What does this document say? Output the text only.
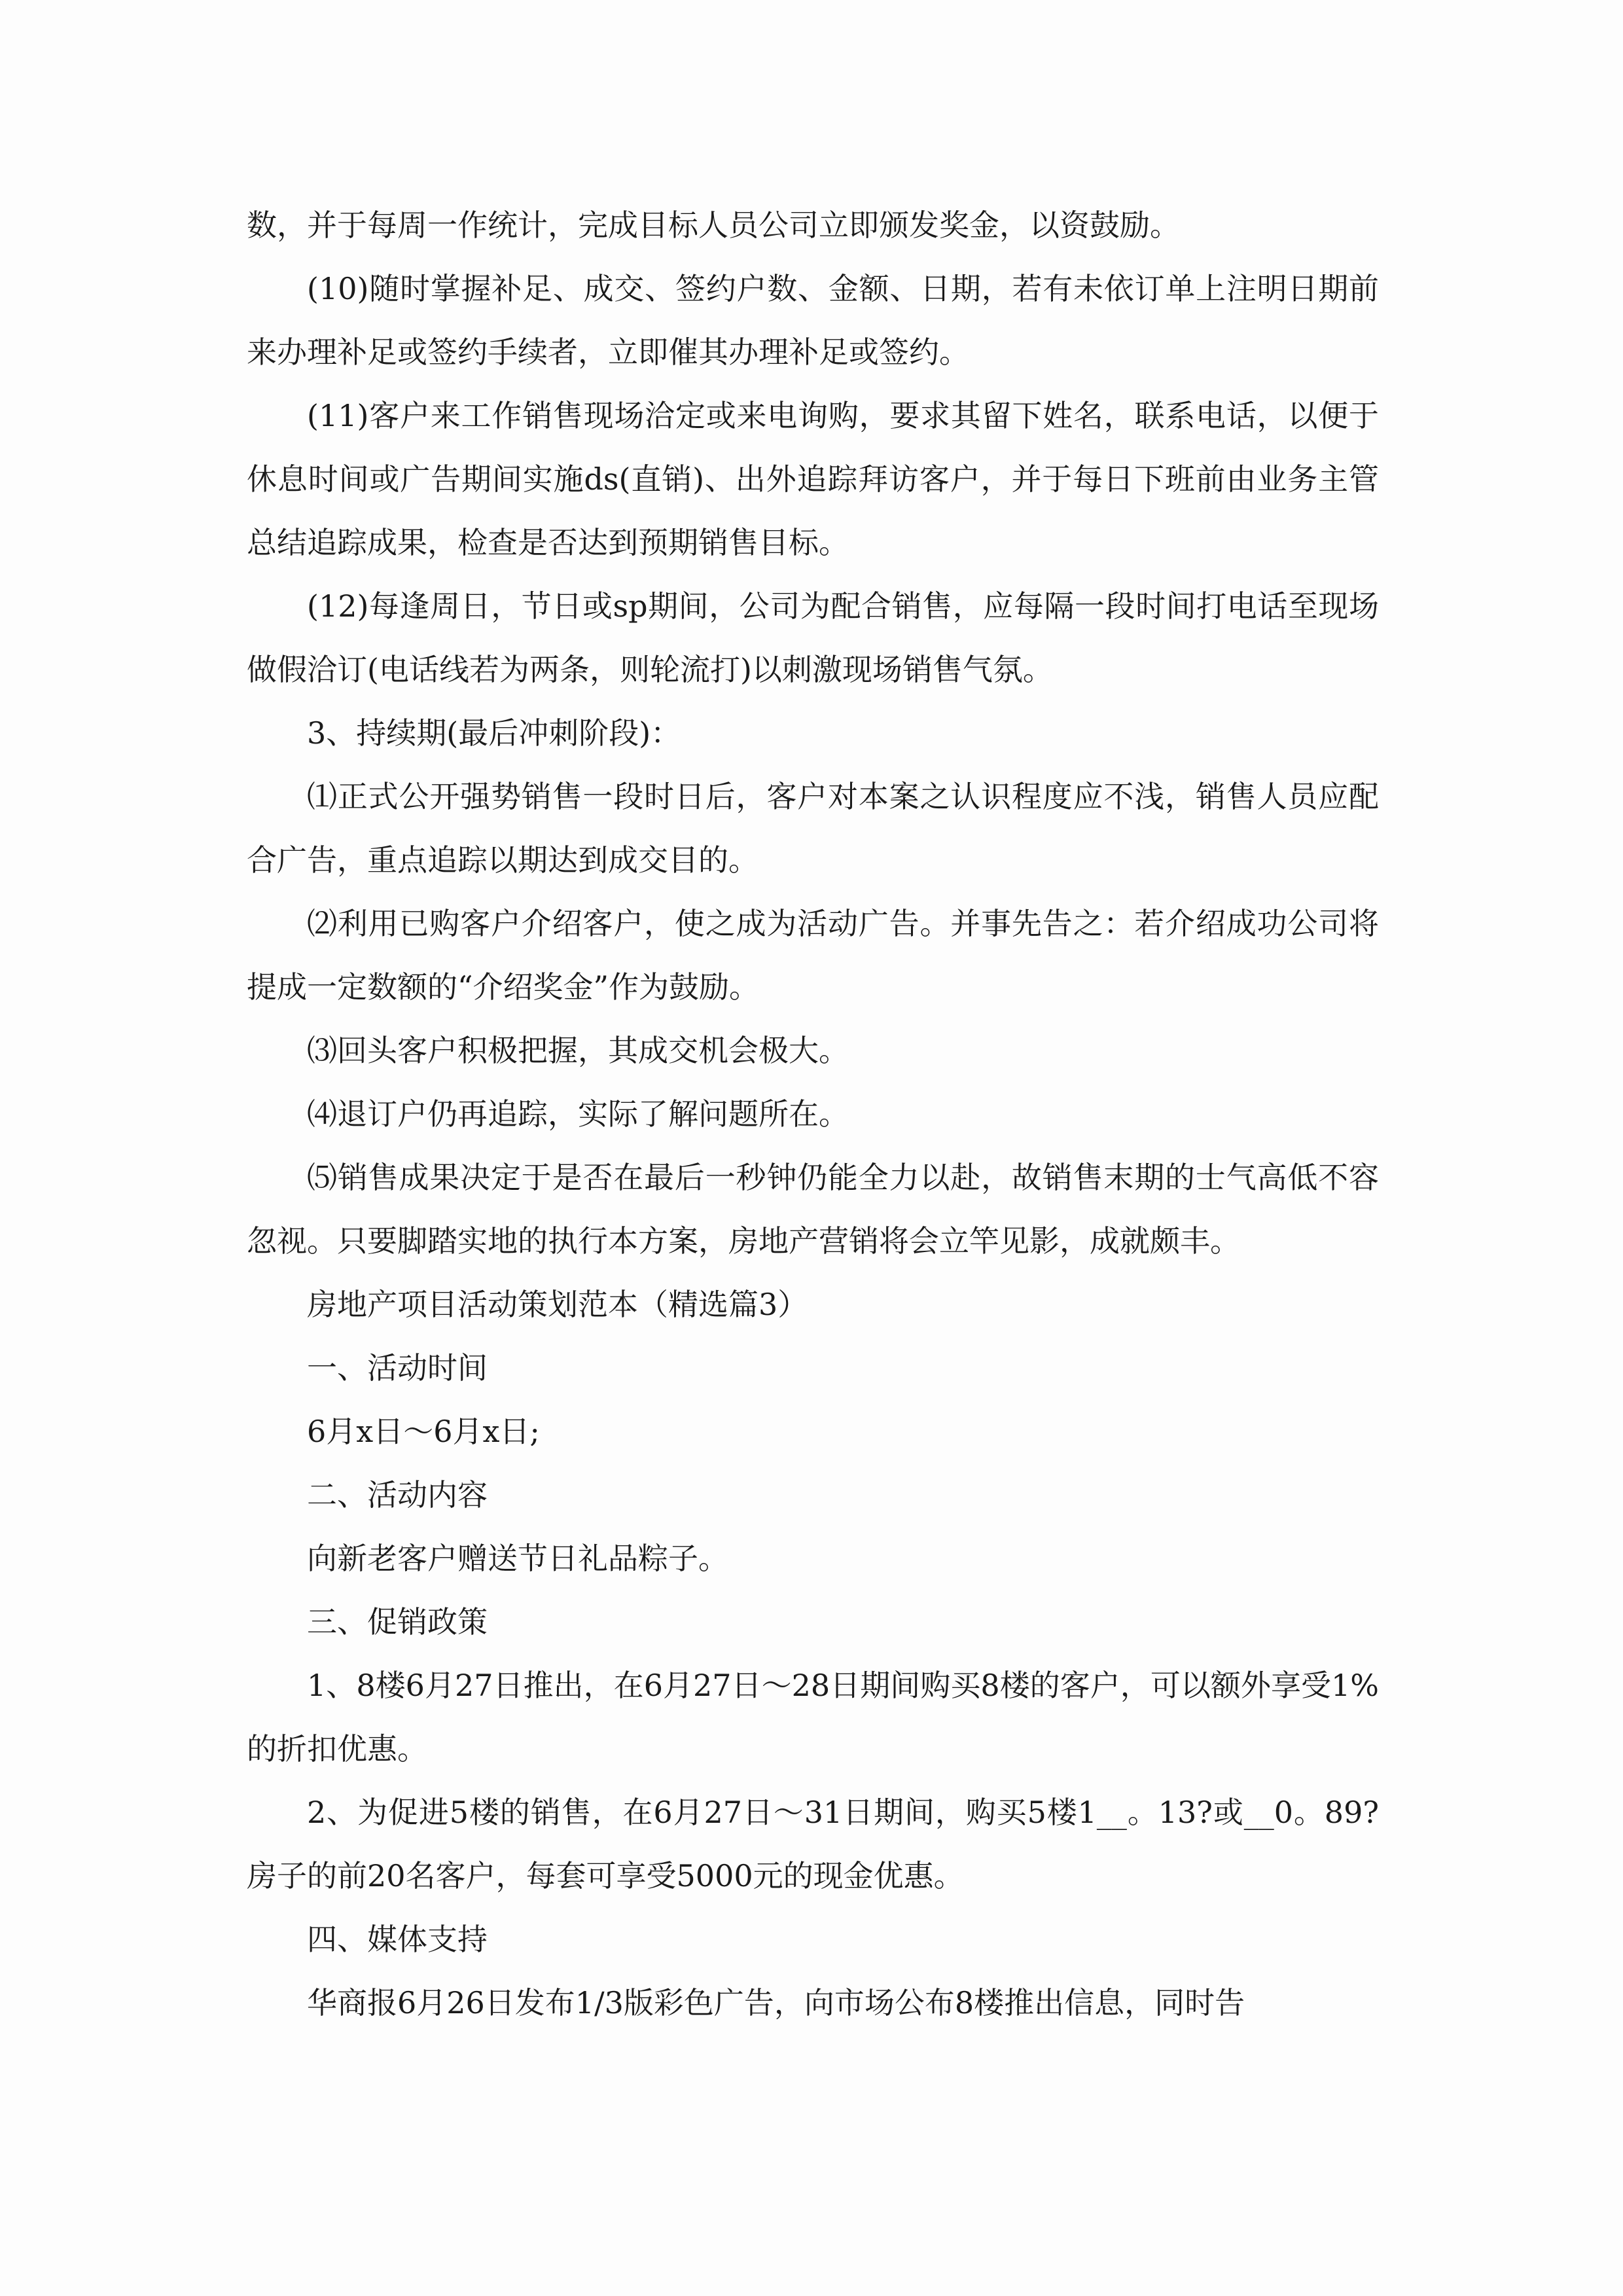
数，并于每周一作统计，完成目标人员公司立即颁发奖金，以资鼓励。

(10)随时掌握补足、成交、签约户数、金额、日期，若有未依订单上注明日期前来办理补足或签约手续者，立即催其办理补足或签约。

(11)客户来工作销售现场洽定或来电询购，要求其留下姓名，联系电话，以便于休息时间或广告期间实施ds(直销)、出外追踪拜访客户，并于每日下班前由业务主管总结追踪成果，检查是否达到预期销售目标。

(12)每逢周日，节日或sp期间，公司为配合销售，应每隔一段时间打电话至现场做假洽订(电话线若为两条，则轮流打)以刺激现场销售气氛。

3、持续期(最后冲刺阶段)：

⑴正式公开强势销售一段时日后，客户对本案之认识程度应不浅，销售人员应配合广告，重点追踪以期达到成交目的。

⑵利用已购客户介绍客户，使之成为活动广告。并事先告之：若介绍成功公司将提成一定数额的“介绍奖金”作为鼓励。

⑶回头客户积极把握，其成交机会极大。

⑷退订户仍再追踪，实际了解问题所在。

⑸销售成果决定于是否在最后一秒钟仍能全力以赴，故销售末期的士气高低不容忽视。只要脚踏实地的执行本方案，房地产营销将会立竿见影，成就颇丰。

房地产项目活动策划范本（精选篇3）

一、活动时间

6月x日～6月x日;

二、活动内容

向新老客户赠送节日礼品粽子。

三、促销政策

1、8楼6月27日推出，在6月27日～28日期间购买8楼的客户，可以额外享受1%的折扣优惠。

2、为促进5楼的销售，在6月27日～31日期间，购买5楼1__。13?或__0。89?房子的前20名客户，每套可享受5000元的现金优惠。

四、媒体支持

华商报6月26日发布1/3版彩色广告，向市场公布8楼推出信息，同时告
